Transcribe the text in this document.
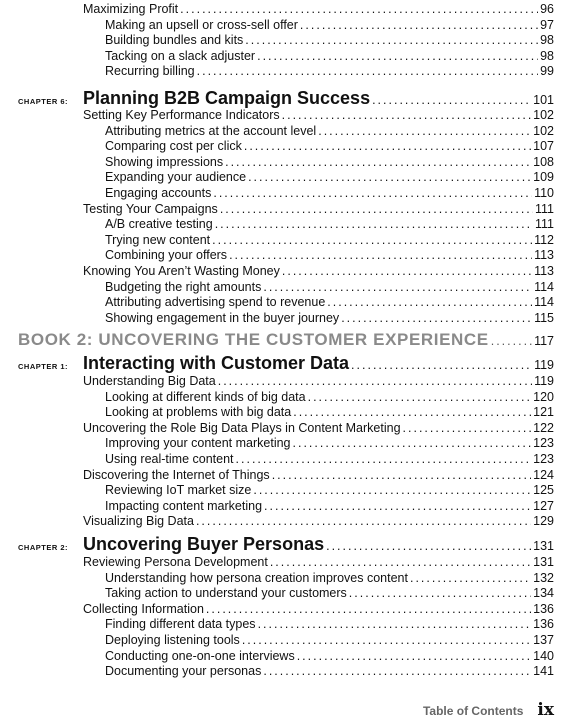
Maximizing Profit .....	96
Making an upsell or cross-sell offer .....	97
Building bundles and kits .....	98
Tacking on a slack adjuster .....	98
Recurring billing .....	99
CHAPTER 6: Planning B2B Campaign Success .....	101
Setting Key Performance Indicators .....	102
Attributing metrics at the account level .....	102
Comparing cost per click .....	107
Showing impressions .....	108
Expanding your audience .....	109
Engaging accounts .....	110
Testing Your Campaigns .....	111
A/B creative testing .....	111
Trying new content .....	112
Combining your offers .....	113
Knowing You Aren’t Wasting Money .....	113
Budgeting the right amounts .....	114
Attributing advertising spend to revenue .....	114
Showing engagement in the buyer journey .....	115
BOOK 2: UNCOVERING THE CUSTOMER EXPERIENCE .....	117
CHAPTER 1: Interacting with Customer Data .....	119
Understanding Big Data .....	119
Looking at different kinds of big data .....	120
Looking at problems with big data .....	121
Uncovering the Role Big Data Plays in Content Marketing .....	122
Improving your content marketing .....	123
Using real-time content .....	123
Discovering the Internet of Things .....	124
Reviewing IoT market size .....	125
Impacting content marketing .....	127
Visualizing Big Data .....	129
CHAPTER 2: Uncovering Buyer Personas .....	131
Reviewing Persona Development .....	131
Understanding how persona creation improves content .....	132
Taking action to understand your customers .....	134
Collecting Information .....	136
Finding different data types .....	136
Deploying listening tools .....	137
Conducting one-on-one interviews .....	140
Documenting your personas .....	141
Table of Contents ix
